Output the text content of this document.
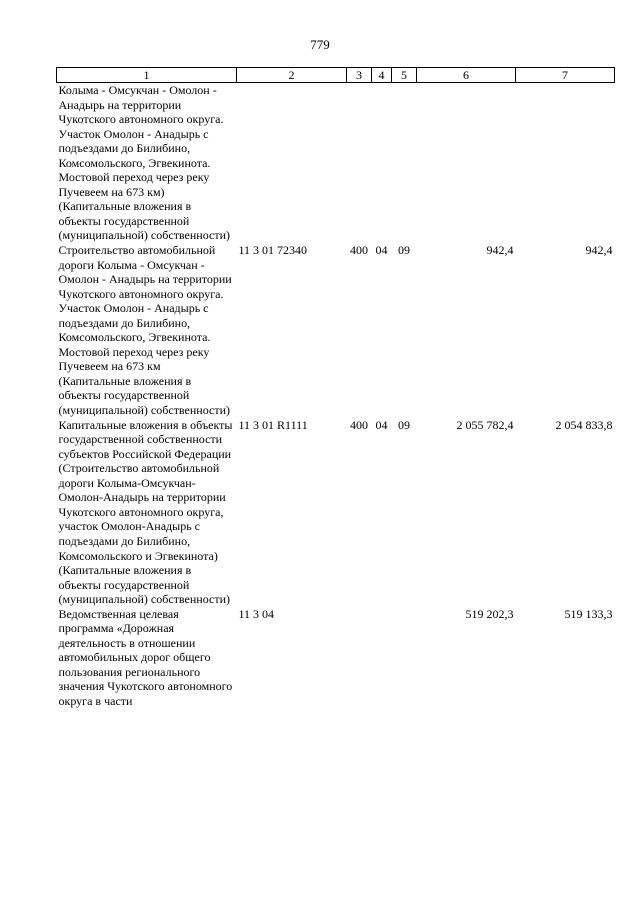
779
1	2	3	4	5	6	7
Колыма - Омсукчан - Омолон - Анадырь на территории Чукотского автономного округа. Участок Омолон - Анадырь с подъездами до Билибино, Комсомольского, Эгвекинота. Мостовой переход через реку Пучевеем на 673 км) (Капитальные вложения в объекты государственной (муниципальной) собственности)						
Строительство автомобильной дороги Колыма - Омсукчан - Омолон - Анадырь на территории Чукотского автономного округа. Участок Омолон - Анадырь с подъездами до Билибино, Комсомольского, Эгвекинота. Мостовой переход через реку Пучевеем на 673 км (Капитальные вложения в объекты государственной (муниципальной) собственности)	11 3 01 72340	400	04	09	942,4	942,4
Капитальные вложения в объекты государственной собственности субъектов Российской Федерации (Строительство автомобильной дороги Колыма-Омсукчан-Омолон-Анадырь на территории Чукотского автономного округа, участок Омолон-Анадырь с подъездами до Билибино, Комсомольского и Эгвекинота) (Капитальные вложения в объекты государственной (муниципальной) собственности)	11 3 01 R1111	400	04	09	2 055 782,4	2 054 833,8
Ведомственная целевая программа «Дорожная деятельность в отношении автомобильных дорог общего пользования регионального значения Чукотского автономного округа в части	11 3 04				519 202,3	519 133,3
